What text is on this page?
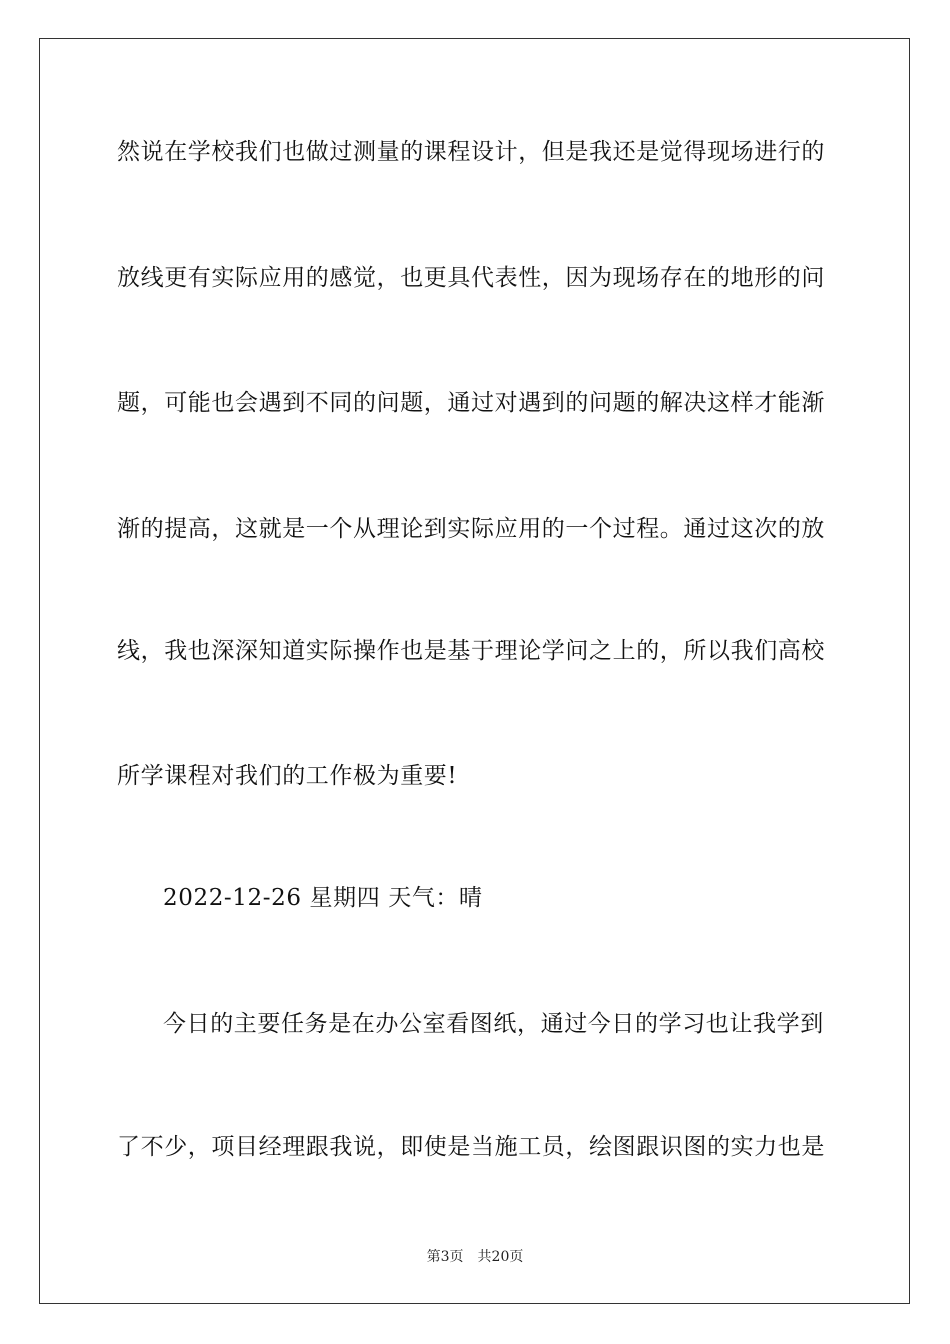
然说在学校我们也做过测量的课程设计，但是我还是觉得现场进行的
放线更有实际应用的感觉，也更具代表性，因为现场存在的地形的问
题，可能也会遇到不同的问题，通过对遇到的问题的解决这样才能渐
渐的提高，这就是一个从理论到实际应用的一个过程。通过这次的放
线，我也深深知道实际操作也是基于理论学问之上的，所以我们高校
所学课程对我们的工作极为重要!
2022-12-26 星期四 天气：晴
今日的主要任务是在办公室看图纸，通过今日的学习也让我学到
了不少，项目经理跟我说，即使是当施工员，绘图跟识图的实力也是
第3页 共20页
